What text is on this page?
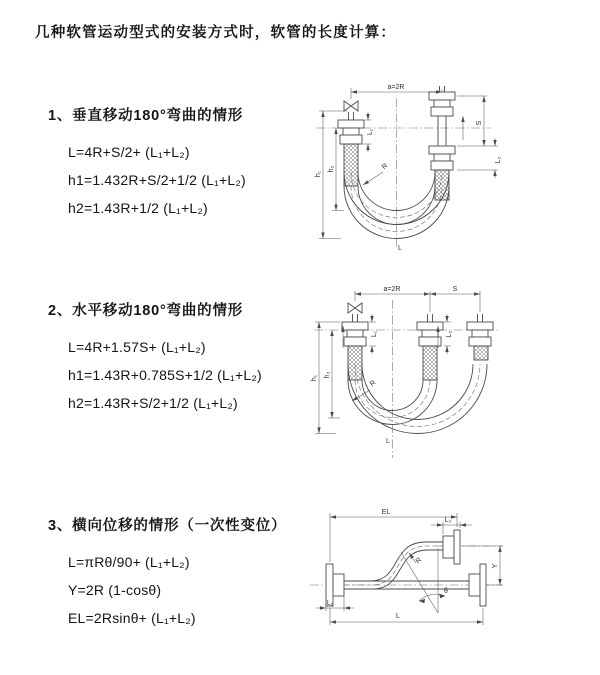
几种软管运动型式的安装方式时，软管的长度计算：

1、垂直移动180°弯曲的情形

L=4R+S/2+ (L₁+L₂)

h1=1.432R+S/2+1/2 (L₁+L₂)

h2=1.43R+1/2 (L₁+L₂)

2、水平移动180°弯曲的情形

L=4R+1.57S+ (L₁+L₂)

h1=1.43R+0.785S+1/2 (L₁+L₂)

h2=1.43R+S/2+1/2 (L₁+L₂)

3、横向位移的情形（一次性变位）

L=πRθ/90+ (L₁+L₂)

Y=2R (1-cosθ)

EL=2Rsinθ+ (L₁+L₂)

a=2R
S
L₂
h₁
h₂
L₁
R
L
a=2R	S
h₁ h₂
L₁	L₂
R
L
EL
L₂
Y
L
L₁
θ
R
